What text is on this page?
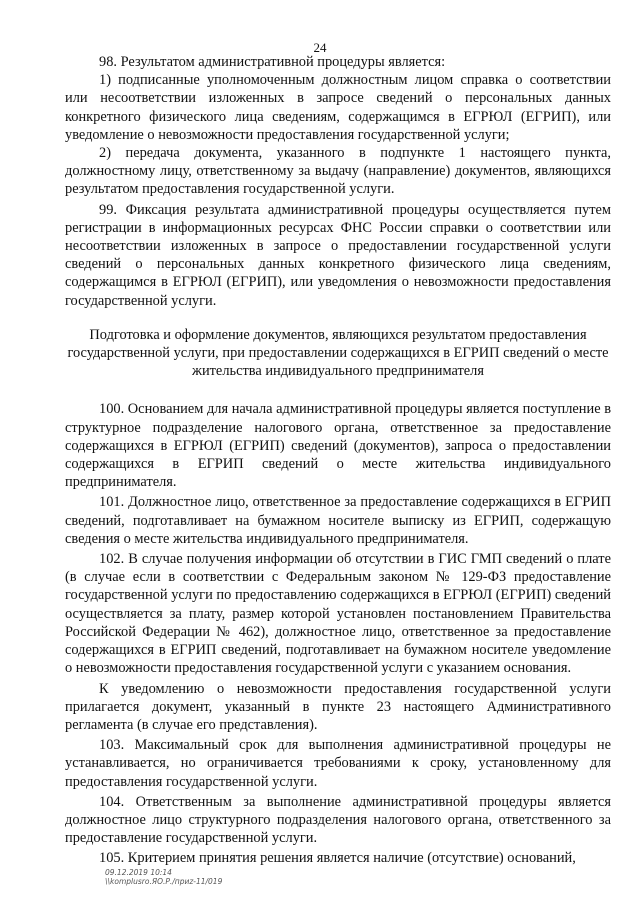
24

98. Результатом административной процедуры является:

1) подписанные уполномоченным должностным лицом справка о соответствии или несоответствии изложенных в запросе сведений о персональных данных конкретного физического лица сведениям, содержащимся в ЕГРЮЛ (ЕГРИП), или уведомление о невозможности предоставления государственной услуги;

2) передача документа, указанного в подпункте 1 настоящего пункта, должностному лицу, ответственному за выдачу (направление) документов, являющихся результатом предоставления государственной услуги.

99. Фиксация результата административной процедуры осуществляется путем регистрации в информационных ресурсах ФНС России справки о соответствии или несоответствии изложенных в запросе о предоставлении государственной услуги сведений о персональных данных конкретного физического лица сведениям, содержащимся в ЕГРЮЛ (ЕГРИП), или уведомления о невозможности предоставления государственной услуги.

Подготовка и оформление документов, являющихся результатом предоставления государственной услуги, при предоставлении содержащихся в ЕГРИП сведений о месте жительства индивидуального предпринимателя

100. Основанием для начала административной процедуры является поступление в структурное подразделение налогового органа, ответственное за предоставление содержащихся в ЕГРЮЛ (ЕГРИП) сведений (документов), запроса о предоставлении содержащихся в ЕГРИП сведений о месте жительства индивидуального предпринимателя.

101. Должностное лицо, ответственное за предоставление содержащихся в ЕГРИП сведений, подготавливает на бумажном носителе выписку из ЕГРИП, содержащую сведения о месте жительства индивидуального предпринимателя.

102. В случае получения информации об отсутствии в ГИС ГМП сведений о плате (в случае если в соответствии с Федеральным законом № 129-ФЗ предоставление государственной услуги по предоставлению содержащихся в ЕГРЮЛ (ЕГРИП) сведений осуществляется за плату, размер которой установлен постановлением Правительства Российской Федерации № 462), должностное лицо, ответственное за предоставление содержащихся в ЕГРИП сведений, подготавливает на бумажном носителе уведомление о невозможности предоставления государственной услуги с указанием основания.

К уведомлению о невозможности предоставления государственной услуги прилагается документ, указанный в пункте 23 настоящего Административного регламента (в случае его представления).

103. Максимальный срок для выполнения административной процедуры не устанавливается, но ограничивается требованиями к сроку, установленному для предоставления государственной услуги.

104. Ответственным за выполнение административной процедуры является должностное лицо структурного подразделения налогового органа, ответственного за предоставление государственной услуги.

105. Критерием принятия решения является наличие (отсутствие) оснований,

09.12.2019 10:14
\\komplusro.ЯО.Р./приz-11/019
